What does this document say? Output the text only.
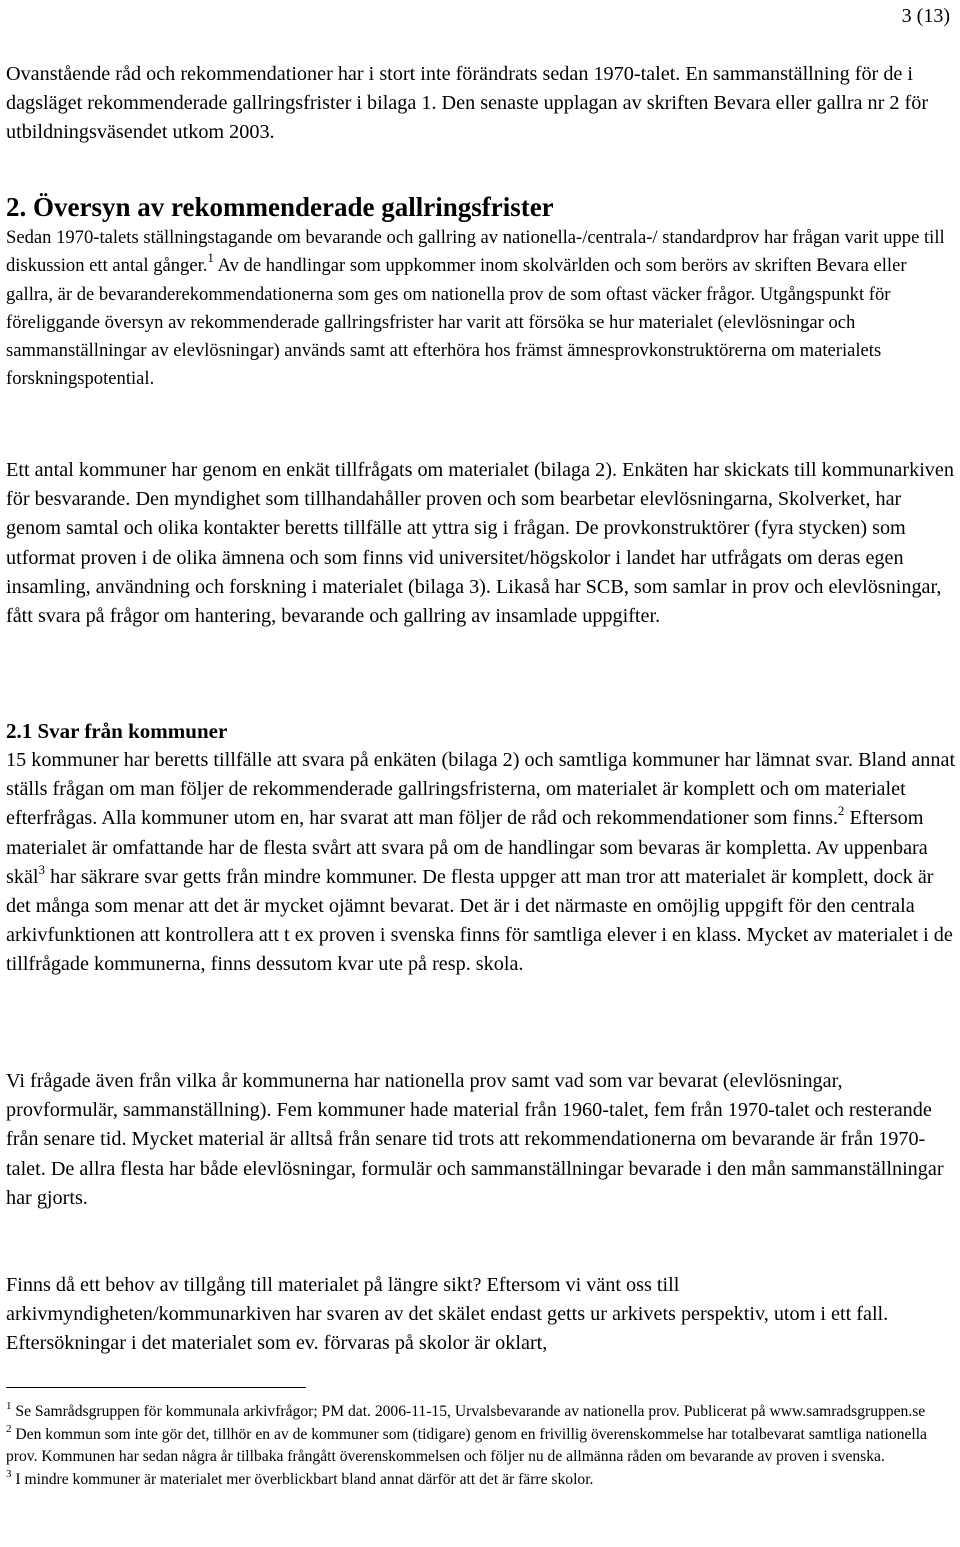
3 (13)

Ovanstående råd och rekommendationer har i stort inte förändrats sedan 1970-talet. En sammanställning för de i dagsläget rekommenderade gallringsfrister i bilaga 1. Den senaste upplagan av skriften Bevara eller gallra nr 2 för utbildningsväsendet utkom 2003.

2. Översyn av rekommenderade gallringsfrister

Sedan 1970-talets ställningstagande om bevarande och gallring av nationella-/centrala-/ standardprov har frågan varit uppe till diskussion ett antal gånger.$^1$ Av de handlingar som uppkommer inom skolvärlden och som berörs av skriften Bevara eller gallra, är de bevaranderekommendationerna som ges om nationella prov de som oftast väcker frågor. Utgångspunkt för föreliggande översyn av rekommenderade gallringsfrister har varit att försöka se hur materialet (elevlösningar och sammanställningar av elevlösningar) används samt att efterhöra hos främst ämnesprovkonstruktörerna om materialets forskningspotential.

Ett antal kommuner har genom en enkät tillfrågats om materialet (bilaga 2). Enkäten har skickats till kommunarkiven för besvarande. Den myndighet som tillhandahåller proven och som bearbetar elevlösningarna, Skolverket, har genom samtal och olika kontakter beretts tillfälle att yttra sig i frågan. De provkonstruktörer (fyra stycken) som utformat proven i de olika ämnena och som finns vid universitet/högskolor i landet har utfrågats om deras egen insamling, användning och forskning i materialet (bilaga 3). Likaså har SCB, som samlar in prov och elevlösningar, fått svara på frågor om hantering, bevarande och gallring av insamlade uppgifter.

2.1 Svar från kommuner

15 kommuner har beretts tillfälle att svara på enkäten (bilaga 2) och samtliga kommuner har lämnat svar. Bland annat ställs frågan om man följer de rekommenderade gallringsfristerna, om materialet är komplett och om materialet efterfrågas. Alla kommuner utom en, har svarat att man följer de råd och rekommendationer som finns.$^2$ Eftersom materialet är omfattande har de flesta svårt att svara på om de handlingar som bevaras är kompletta. Av uppenbara skäl$^3$ har säkrare svar getts från mindre kommuner. De flesta uppger att man tror att materialet är komplett, dock är det många som menar att det är mycket ojämnt bevarat. Det är i det närmaste en omöjlig uppgift för den centrala arkivfunktionen att kontrollera att t ex proven i svenska finns för samtliga elever i en klass. Mycket av materialet i de tillfrågade kommunerna, finns dessutom kvar ute på resp. skola.

Vi frågade även från vilka år kommunerna har nationella prov samt vad som var bevarat (elevlösningar, provformulär, sammanställning). Fem kommuner hade material från 1960-talet, fem från 1970-talet och resterande från senare tid. Mycket material är alltså från senare tid trots att rekommendationerna om bevarande är från 1970-talet. De allra flesta har både elevlösningar, formulär och sammanställningar bevarade i den mån sammanställningar har gjorts.

Finns då ett behov av tillgång till materialet på längre sikt? Eftersom vi vänt oss till arkivmyndigheten/kommunarkiven har svaren av det skälet endast getts ur arkivets perspektiv, utom i ett fall. Eftersökningar i det materialet som ev. förvaras på skolor är oklart,

$^1$ Se Samrådsgruppen för kommunala arkivfrågor; PM dat. 2006-11-15, Urvalsbevarande av nationella prov. Publicerat på www.samradsgruppen.se

$^2$ Den kommun som inte gör det, tillhör en av de kommuner som (tidigare) genom en frivillig överenskommelse har totalbevarat samtliga nationella prov. Kommunen har sedan några år tillbaka frångått överenskommelsen och följer nu de allmänna råden om bevarande av proven i svenska.

$^3$ I mindre kommuner är materialet mer överblickbart bland annat därför att det är färre skolor.
